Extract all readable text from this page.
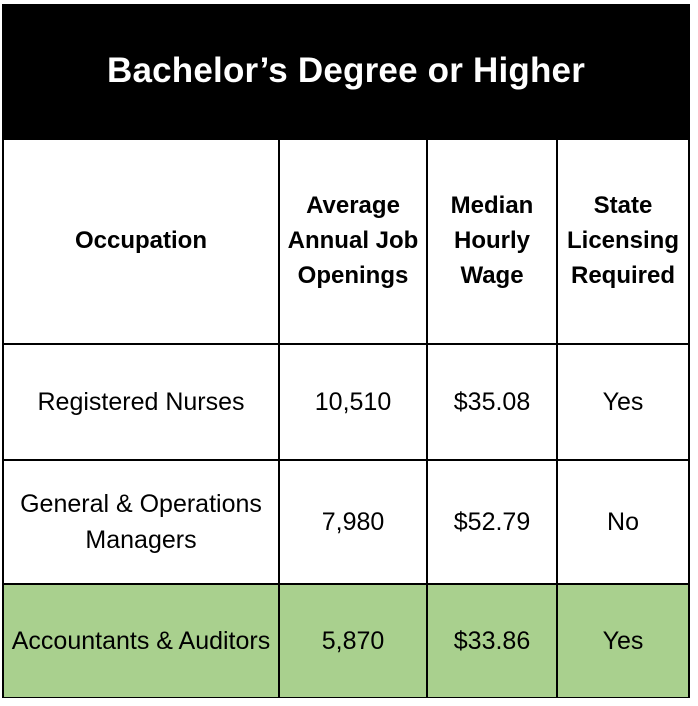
Bachelor’s Degree or Higher
Occupation	Average Annual Job Openings	Median Hourly Wage	State Licensing Required
Registered Nurses	10,510	$35.08	Yes
General & Operations Managers	7,980	$52.79	No
Accountants & Auditors	5,870	$33.86	Yes
